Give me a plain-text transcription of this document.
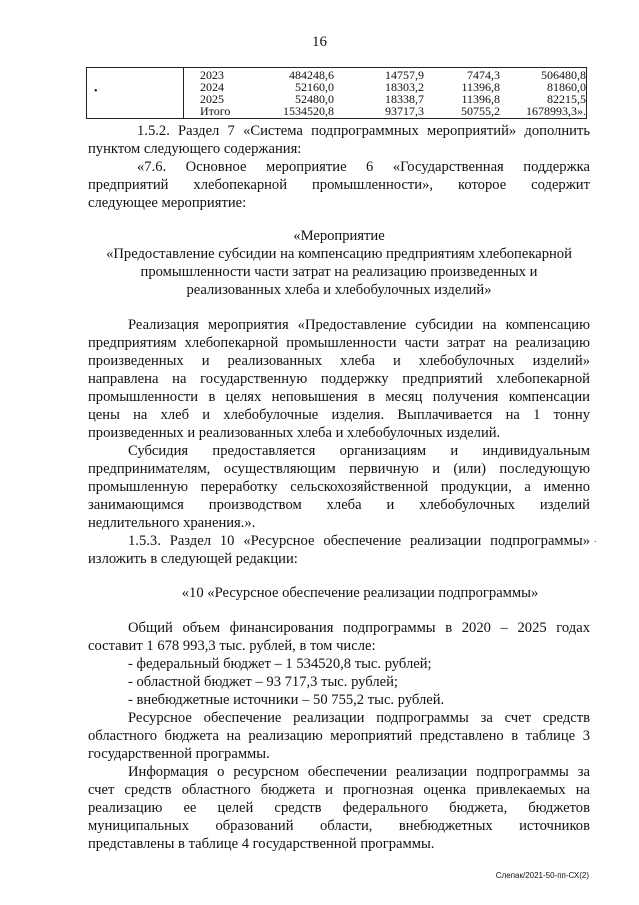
16

2023	484248,6	14757,9	7474,3	506480,8
2024	52160,0	18303,2	11396,8	81860,0
2025	52480,0	18338,7	11396,8	82215,5
Итого	1534520,8	93717,3	50755,2	1678993,3».
•
1.5.2. Раздел 7 «Система подпрограммных мероприятий» дополнить
пунктом следующего содержания:
«7.6. Основное мероприятие 6 «Государственная поддержка
предприятий хлебопекарной промышленности», которое содержит
следующее мероприятие:
«Мероприятие
«Предоставление субсидии на компенсацию предприятиям хлебопекарной
промышленности части затрат на реализацию произведенных и
реализованных хлеба и хлебобулочных изделий»
Реализация мероприятия «Предоставление субсидии на компенсацию
предприятиям хлебопекарной промышленности части затрат на реализацию
произведенных и реализованных хлеба и хлебобулочных изделий»
направлена на государственную поддержку предприятий хлебопекарной
промышленности в целях неповышения в месяц получения компенсации
цены на хлеб и хлебобулочные изделия. Выплачивается на 1 тонну
произведенных и реализованных хлеба и хлебобулочных изделий.
Субсидия предоставляется организациям и индивидуальным
предпринимателям, осуществляющим первичную и (или) последующую
промышленную переработку сельскохозяйственной продукции, а именно
занимающимся производством хлеба и хлебобулочных изделий
недлительного хранения.».
1.5.3. Раздел 10 «Ресурсное обеспечение реализации подпрограммы»
изложить в следующей редакции:
.
«10 «Ресурсное обеспечение реализации подпрограммы»
Общий объем финансирования подпрограммы в 2020 – 2025 годах
составит 1 678 993,3 тыс. рублей, в том числе:
- федеральный бюджет – 1 534520,8 тыс. рублей;
- областной бюджет – 93 717,3 тыс. рублей;
- внебюджетные источники – 50 755,2 тыс. рублей.
Ресурсное обеспечение реализации подпрограммы за счет средств
областного бюджета на реализацию мероприятий представлено в таблице 3
государственной программы.
Информация о ресурсном обеспечении реализации подпрограммы за
счет средств областного бюджета и прогнозная оценка привлекаемых на
реализацию ее целей средств федерального бюджета, бюджетов
муниципальных образований области, внебюджетных источников
представлены в таблице 4 государственной программы.
Слепак/2021-50-пп-СХ(2)
